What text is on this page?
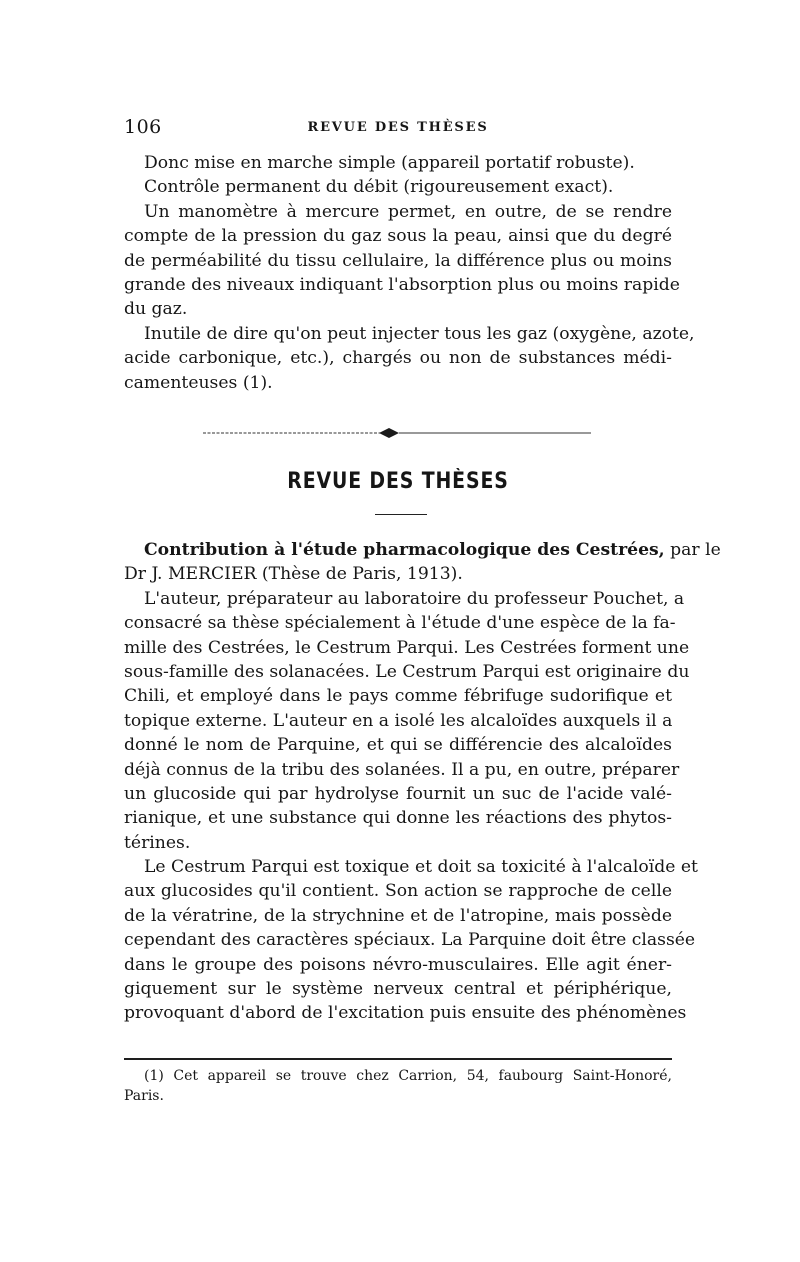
106	REVUE DES THÈSES
Donc mise en marche simple (appareil portatif robuste).
Contrôle permanent du débit (rigoureusement exact).
Un manomètre à mercure permet, en outre, de se rendre
compte de la pression du gaz sous la peau, ainsi que du degré
de perméabilité du tissu cellulaire, la différence plus ou moins
grande des niveaux indiquant l'absorption plus ou moins rapide
du gaz.
Inutile de dire qu'on peut injecter tous les gaz (oxygène, azote,
acide carbonique, etc.), chargés ou non de substances médi-
camenteuses (1).
REVUE DES THÈSES
Contribution à l'étude pharmacologique des Cestrées, par le
Dr J. MERCIER (Thèse de Paris, 1913).
L'auteur, préparateur au laboratoire du professeur Pouchet, a
consacré sa thèse spécialement à l'étude d'une espèce de la fa-
mille des Cestrées, le Cestrum Parqui. Les Cestrées forment une
sous-famille des solanacées. Le Cestrum Parqui est originaire du
Chili, et employé dans le pays comme fébrifuge sudorifique et
topique externe. L'auteur en a isolé les alcaloïdes auxquels il a
donné le nom de Parquine, et qui se différencie des alcaloïdes
déjà connus de la tribu des solanées. Il a pu, en outre, préparer
un glucoside qui par hydrolyse fournit un suc de l'acide valé-
rianique, et une substance qui donne les réactions des phytos-
térines.
Le Cestrum Parqui est toxique et doit sa toxicité à l'alcaloïde et
aux glucosides qu'il contient. Son action se rapproche de celle
de la vératrine, de la strychnine et de l'atropine, mais possède
cependant des caractères spéciaux. La Parquine doit être classée
dans le groupe des poisons névro-musculaires. Elle agit éner-
giquement sur le système nerveux central et périphérique,
provoquant d'abord de l'excitation puis ensuite des phénomènes
(1) Cet appareil se trouve chez Carrion, 54, faubourg Saint-Honoré,
Paris.
